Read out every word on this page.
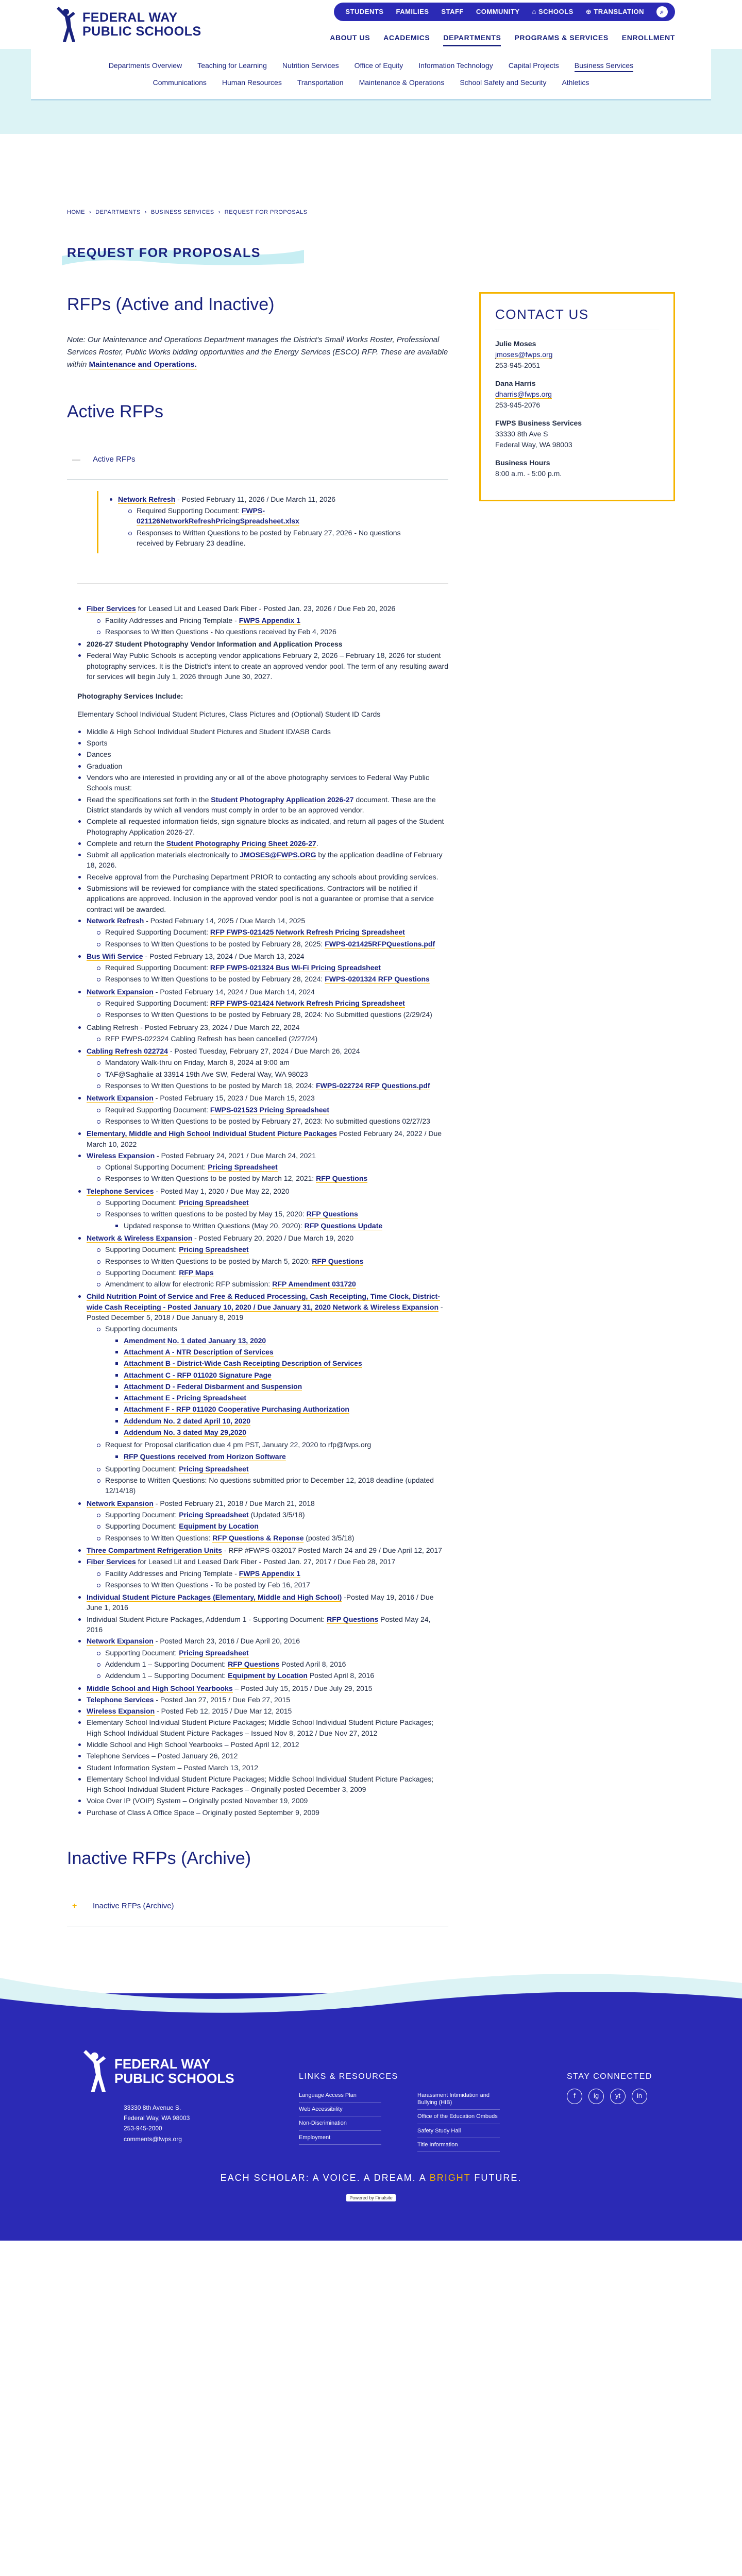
FEDERAL WAY
PUBLIC SCHOOLS
STUDENTS FAMILIES STAFF COMMUNITY ⌂ SCHOOLS ⊕ TRANSLATION	⌕
ABOUT US ACADEMICS DEPARTMENTS PROGRAMS & SERVICES ENROLLMENT
Departments Overview Teaching for Learning Nutrition Services Office of Equity Information Technology Capital Projects Business Services
Communications Human Resources Transportation Maintenance & Operations School Safety and Security Athletics
HOME › DEPARTMENTS › BUSINESS SERVICES › REQUEST FOR PROPOSALS
REQUEST FOR PROPOSALS
RFPs (Active and Inactive)

Note: Our Maintenance and Operations Department manages the District's Small Works Roster, Professional Services Roster, Public Works bidding opportunities and the Energy Services (ESCO) RFP. These are available within Maintenance and Operations.

Active RFPs
— Active RFPs
Network Refresh - Posted February 11, 2026 / Due March 11, 2026
Required Supporting Document: FWPS-021126NetworkRefreshPricingSpreadsheet.xlsx
Responses to Written Questions to be posted by February 27, 2026 - No questions received by February 23 deadline.
Fiber Services for Leased Lit and Leased Dark Fiber - Posted Jan. 23, 2026 / Due Feb 20, 2026
Facility Addresses and Pricing Template - FWPS Appendix 1
Responses to Written Questions - No questions received by Feb 4, 2026
2026-27 Student Photography Vendor Information and Application Process
Federal Way Public Schools is accepting vendor applications February 2, 2026 – February 18, 2026 for student photography services. It is the District's intent to create an approved vendor pool. The term of any resulting award for services will begin July 1, 2026 through June 30, 2027.

Photography Services Include:

Elementary School Individual Student Pictures, Class Pictures and (Optional) Student ID Cards

Middle & High School Individual Student Pictures and Student ID/ASB Cards
Sports
Dances
Graduation
Vendors who are interested in providing any or all of the above photography services to Federal Way Public Schools must:
Read the specifications set forth in the Student Photography Application 2026-27 document. These are the District standards by which all vendors must comply in order to be an approved vendor.
Complete all requested information fields, sign signature blocks as indicated, and return all pages of the Student Photography Application 2026-27.
Complete and return the Student Photography Pricing Sheet 2026-27.
Submit all application materials electronically to JMOSES@FWPS.ORG by the application deadline of February 18, 2026.
Receive approval from the Purchasing Department PRIOR to contacting any schools about providing services.
Submissions will be reviewed for compliance with the stated specifications. Contractors will be notified if applications are approved. Inclusion in the approved vendor pool is not a guarantee or promise that a service contract will be awarded.
Network Refresh - Posted February 14, 2025 / Due March 14, 2025
Required Supporting Document: RFP FWPS-021425 Network Refresh Pricing Spreadsheet
Responses to Written Questions to be posted by February 28, 2025: FWPS-021425RFPQuestions.pdf
Bus Wifi Service - Posted February 13, 2024 / Due March 13, 2024
Required Supporting Document: RFP FWPS-021324 Bus Wi-Fi Pricing Spreadsheet
Responses to Written Questions to be posted by February 28, 2024: FWPS-0201324 RFP Questions
Network Expansion - Posted February 14, 2024 / Due March 14, 2024
Required Supporting Document: RFP FWPS-021424 Network Refresh Pricing Spreadsheet
Responses to Written Questions to be posted by February 28, 2024: No Submitted questions (2/29/24)
Cabling Refresh - Posted February 23, 2024 / Due March 22, 2024
RFP FWPS-022324 Cabling Refresh has been cancelled (2/27/24)
Cabling Refresh 022724 - Posted Tuesday, February 27, 2024 / Due March 26, 2024
Mandatory Walk-thru on Friday, March 8, 2024 at 9:00 am
TAF@Saghalie at 33914 19th Ave SW, Federal Way, WA 98023
Responses to Written Questions to be posted by March 18, 2024: FWPS-022724 RFP Questions.pdf
Network Expansion - Posted February 15, 2023 / Due March 15, 2023
Required Supporting Document: FWPS-021523 Pricing Spreadsheet
Responses to Written Questions to be posted by February 27, 2023: No submitted questions 02/27/23
Elementary, Middle and High School Individual Student Picture Packages Posted February 24, 2022 / Due March 10, 2022
Wireless Expansion - Posted February 24, 2021 / Due March 24, 2021
Optional Supporting Document: Pricing Spreadsheet
Responses to Written Questions to be posted by March 12, 2021: RFP Questions
Telephone Services - Posted May 1, 2020 / Due May 22, 2020
Supporting Document: Pricing Spreadsheet
Responses to written questions to be posted by May 15, 2020: RFP Questions
Updated response to Written Questions (May 20, 2020): RFP Questions Update
Network & Wireless Expansion - Posted February 20, 2020 / Due March 19, 2020
Supporting Document: Pricing Spreadsheet
Responses to Written Questions to be posted by March 5, 2020: RFP Questions
Supporting Document: RFP Maps
Amendment to allow for electronic RFP submission: RFP Amendment 031720
Child Nutrition Point of Service and Free & Reduced Processing, Cash Receipting, Time Clock, District-wide Cash Receipting - Posted January 10, 2020 / Due January 31, 2020 Network & Wireless Expansion - Posted December 5, 2018 / Due January 8, 2019
Supporting documents
Amendment No. 1 dated January 13, 2020
Attachment A - NTR Description of Services
Attachment B - District-Wide Cash Receipting Description of Services
Attachment C - RFP 011020 Signature Page
Attachment D - Federal Disbarment and Suspension
Attachment E - Pricing Spreadsheet
Attachment F - RFP 011020 Cooperative Purchasing Authorization
Addendum No. 2 dated April 10, 2020
Addendum No. 3 dated May 29,2020
Request for Proposal clarification due 4 pm PST, January 22, 2020 to rfp@fwps.org
RFP Questions received from Horizon Software
Supporting Document: Pricing Spreadsheet
Response to Written Questions: No questions submitted prior to December 12, 2018 deadline (updated 12/14/18)
Network Expansion - Posted February 21, 2018 / Due March 21, 2018
Supporting Document: Pricing Spreadsheet (Updated 3/5/18)
Supporting Document: Equipment by Location
Responses to Written Questions: RFP Questions & Reponse (posted 3/5/18)
Three Compartment Refrigeration Units - RFP #FWPS-032017 Posted March 24 and 29 / Due April 12, 2017
Fiber Services for Leased Lit and Leased Dark Fiber - Posted Jan. 27, 2017 / Due Feb 28, 2017
Facility Addresses and Pricing Template - FWPS Appendix 1
Responses to Written Questions - To be posted by Feb 16, 2017
Individual Student Picture Packages (Elementary, Middle and High School) -Posted May 19, 2016 / Due June 1, 2016
Individual Student Picture Packages, Addendum 1 - Supporting Document: RFP Questions Posted May 24, 2016
Network Expansion - Posted March 23, 2016 / Due April 20, 2016
Supporting Document: Pricing Spreadsheet
Addendum 1 – Supporting Document: RFP Questions Posted April 8, 2016
Addendum 1 – Supporting Document: Equipment by Location Posted April 8, 2016
Middle School and High School Yearbooks – Posted July 15, 2015 / Due July 29, 2015
Telephone Services - Posted Jan 27, 2015 / Due Feb 27, 2015
Wireless Expansion - Posted Feb 12, 2015 / Due Mar 12, 2015
Elementary School Individual Student Picture Packages; Middle School Individual Student Picture Packages; High School Individual Student Picture Packages – Issued Nov 8, 2012 / Due Nov 27, 2012
Middle School and High School Yearbooks – Posted April 12, 2012
Telephone Services – Posted January 26, 2012
Student Information System – Posted March 13, 2012
Elementary School Individual Student Picture Packages; Middle School Individual Student Picture Packages; High School Individual Student Picture Packages – Originally posted December 3, 2009
Voice Over IP (VOIP) System – Originally posted November 19, 2009
Purchase of Class A Office Space – Originally posted September 9, 2009
Inactive RFPs (Archive)
+	Inactive RFPs (Archive)
CONTACT US
Julie Moses
jmoses@fwps.org
253-945-2051
Dana Harris
dharris@fwps.org
253-945-2076
FWPS Business Services
33330 8th Ave S
Federal Way, WA 98003
Business Hours
8:00 a.m. - 5:00 p.m.
FEDERAL WAY
PUBLIC SCHOOLS
33330 8th Avenue S.
Federal Way, WA 98003
253-945-2000
comments@fwps.org
LINKS & RESOURCES
Language Access Plan
Web Accessibility
Non-Discrimination
Employment
Harassment Intimidation and Bullying (HIB)
Office of the Education Ombuds
Safety Study Hall
Title Information
STAY CONNECTED
f	ig	yt	in
EACH SCHOLAR: A VOICE. A DREAM. A BRIGHT FUTURE.
Powered by Finalsite
